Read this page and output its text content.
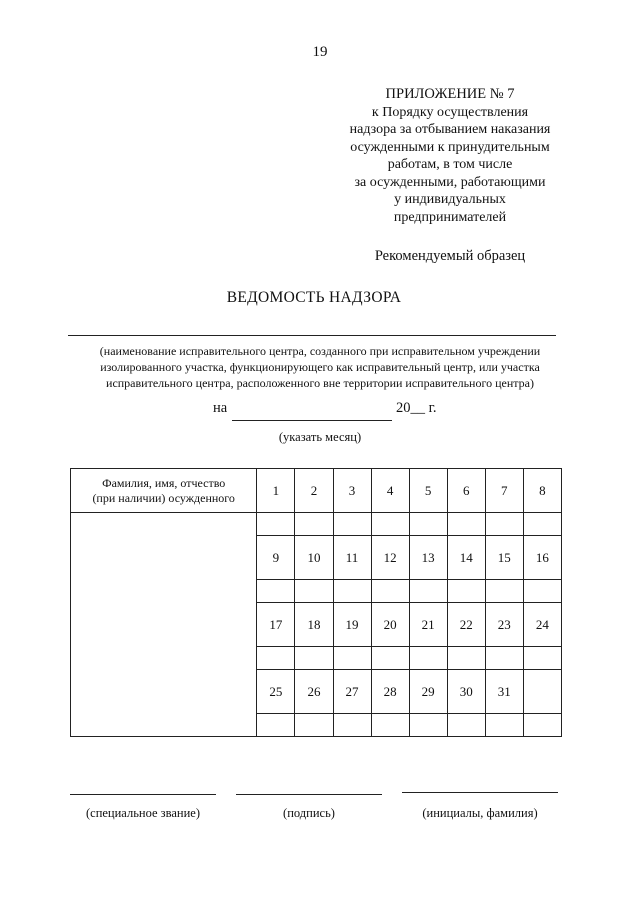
19
ПРИЛОЖЕНИЕ № 7
к Порядку осуществления
надзора за отбыванием наказания
осужденными к принудительным
работам, в том числе
за осужденными, работающими
у индивидуальных
предпринимателей
Рекомендуемый образец
ВЕДОМОСТЬ НАДЗОРА
(наименование исправительного центра, созданного при исправительном учреждении
изолированного участка, функционирующего как исправительный центр, или участка
исправительного центра, расположенного вне территории исправительного центра)
на	20__ г.
(указать месяц)
Фамилия, имя, отчество
(при наличии) осужденного	1	2	3	4	5	6	7	8

	9	10	11	12	13	14	15	16

	17	18	19	20	21	22	23	24

	25	26	27	28	29	30	31	

(специальное звание)	(подпись)	(инициалы, фамилия)
